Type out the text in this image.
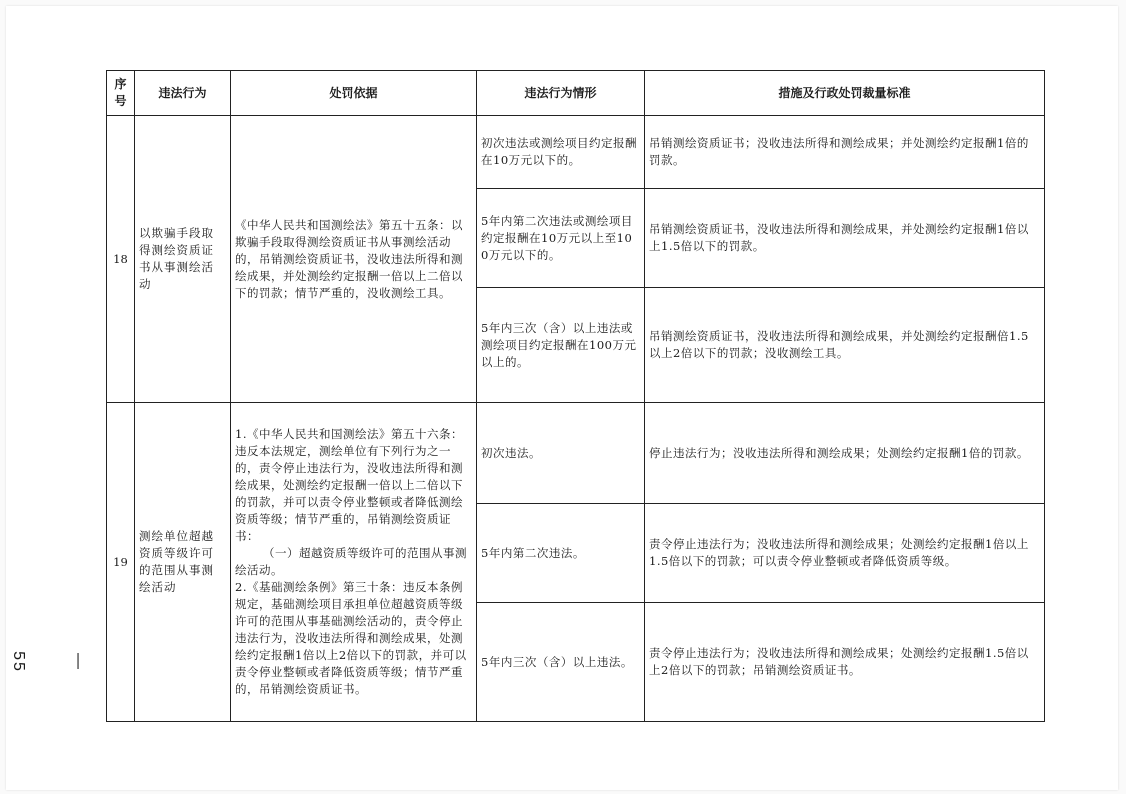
— 55
序号	违法行为	处罚依据	违法行为情形	措施及行政处罚裁量标准
18	以欺骗手段取得测绘资质证书从事测绘活动	《中华人民共和国测绘法》第五十五条：以欺骗手段取得测绘资质证书从事测绘活动的，吊销测绘资质证书，没收违法所得和测绘成果，并处测绘约定报酬一倍以上二倍以下的罚款；情节严重的，没收测绘工具。	初次违法或测绘项目约定报酬在10万元以下的。	吊销测绘资质证书；没收违法所得和测绘成果；并处测绘约定报酬1倍的罚款。
			5年内第二次违法或测绘项目约定报酬在10万元以上至100万元以下的。	吊销测绘资质证书，没收违法所得和测绘成果，并处测绘约定报酬1倍以上1.5倍以下的罚款。
			5年内三次（含）以上违法或测绘项目约定报酬在100万元以上的。	吊销测绘资质证书，没收违法所得和测绘成果，并处测绘约定报酬倍1.5以上2倍以下的罚款；没收测绘工具。
19	测绘单位超越资质等级许可的范围从事测绘活动	1.《中华人民共和国测绘法》第五十六条：违反本法规定，测绘单位有下列行为之一的，责令停止违法行为，没收违法所得和测绘成果，处测绘约定报酬一倍以上二倍以下的罚款，并可以责令停业整顿或者降低测绘资质等级；情节严重的，吊销测绘资质证书：

（一）超越资质等级许可的范围从事测绘活动。

2.《基础测绘条例》第三十条：违反本条例规定，基础测绘项目承担单位超越资质等级许可的范围从事基础测绘活动的，责令停止违法行为，没收违法所得和测绘成果，处测绘约定报酬1倍以上2倍以下的罚款，并可以责令停业整顿或者降低资质等级；情节严重的，吊销测绘资质证书。	初次违法。	停止违法行为；没收违法所得和测绘成果；处测绘约定报酬1倍的罚款。
			5年内第二次违法。	责令停止违法行为；没收违法所得和测绘成果；处测绘约定报酬1倍以上1.5倍以下的罚款；可以责令停业整顿或者降低资质等级。
			5年内三次（含）以上违法。	责令停止违法行为；没收违法所得和测绘成果；处测绘约定报酬1.5倍以上2倍以下的罚款；吊销测绘资质证书。
